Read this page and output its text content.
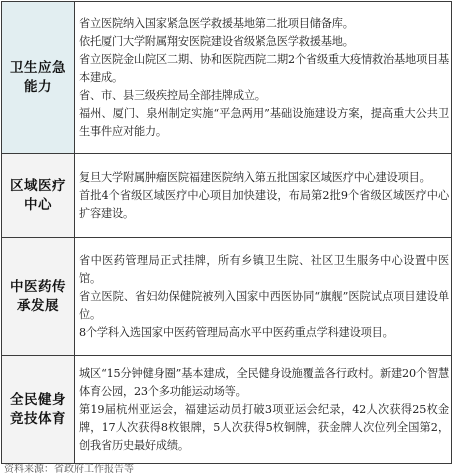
卫生应急能力	省立医院纳入国家紧急医学救援基地第二批项目储备库。
依托厦门大学附属翔安医院建设省级紧急医学救援基地。
省立医院金山院区二期、协和医院西院二期2个省级重大疫情救治基地项目基本建成。
省、市、县三级疾控局全部挂牌成立。
福州、厦门、泉州制定实施“平急两用”基础设施建设方案，提高重大公共卫生事件应对能力。

区域医疗中心	复旦大学附属肿瘤医院福建医院纳入第五批国家区域医疗中心建设项目。
首批4个省级区域医疗中心项目加快建设，布局第2批9个省级区域医疗中心扩容建设。

中医药传承发展	省中医药管理局正式挂牌，所有乡镇卫生院、社区卫生服务中心设置中医馆。
省立医院、省妇幼保健院被列入国家中西医协同“旗舰”医院试点项目建设单位。
8个学科入选国家中医药管理局高水平中医药重点学科建设项目。

全民健身竞技体育	城区“15分钟健身圈”基本建成，全民健身设施覆盖各行政村。新建20个智慧体育公园，23个多功能运动场等。
第19届杭州亚运会，福建运动员打破3项亚运会纪录，42人次获得25枚金牌，17人次获得8枚银牌，5人次获得5枚铜牌，获金牌人次位列全国第2，创我省历史最好成绩。
资料来源：省政府工作报告等
